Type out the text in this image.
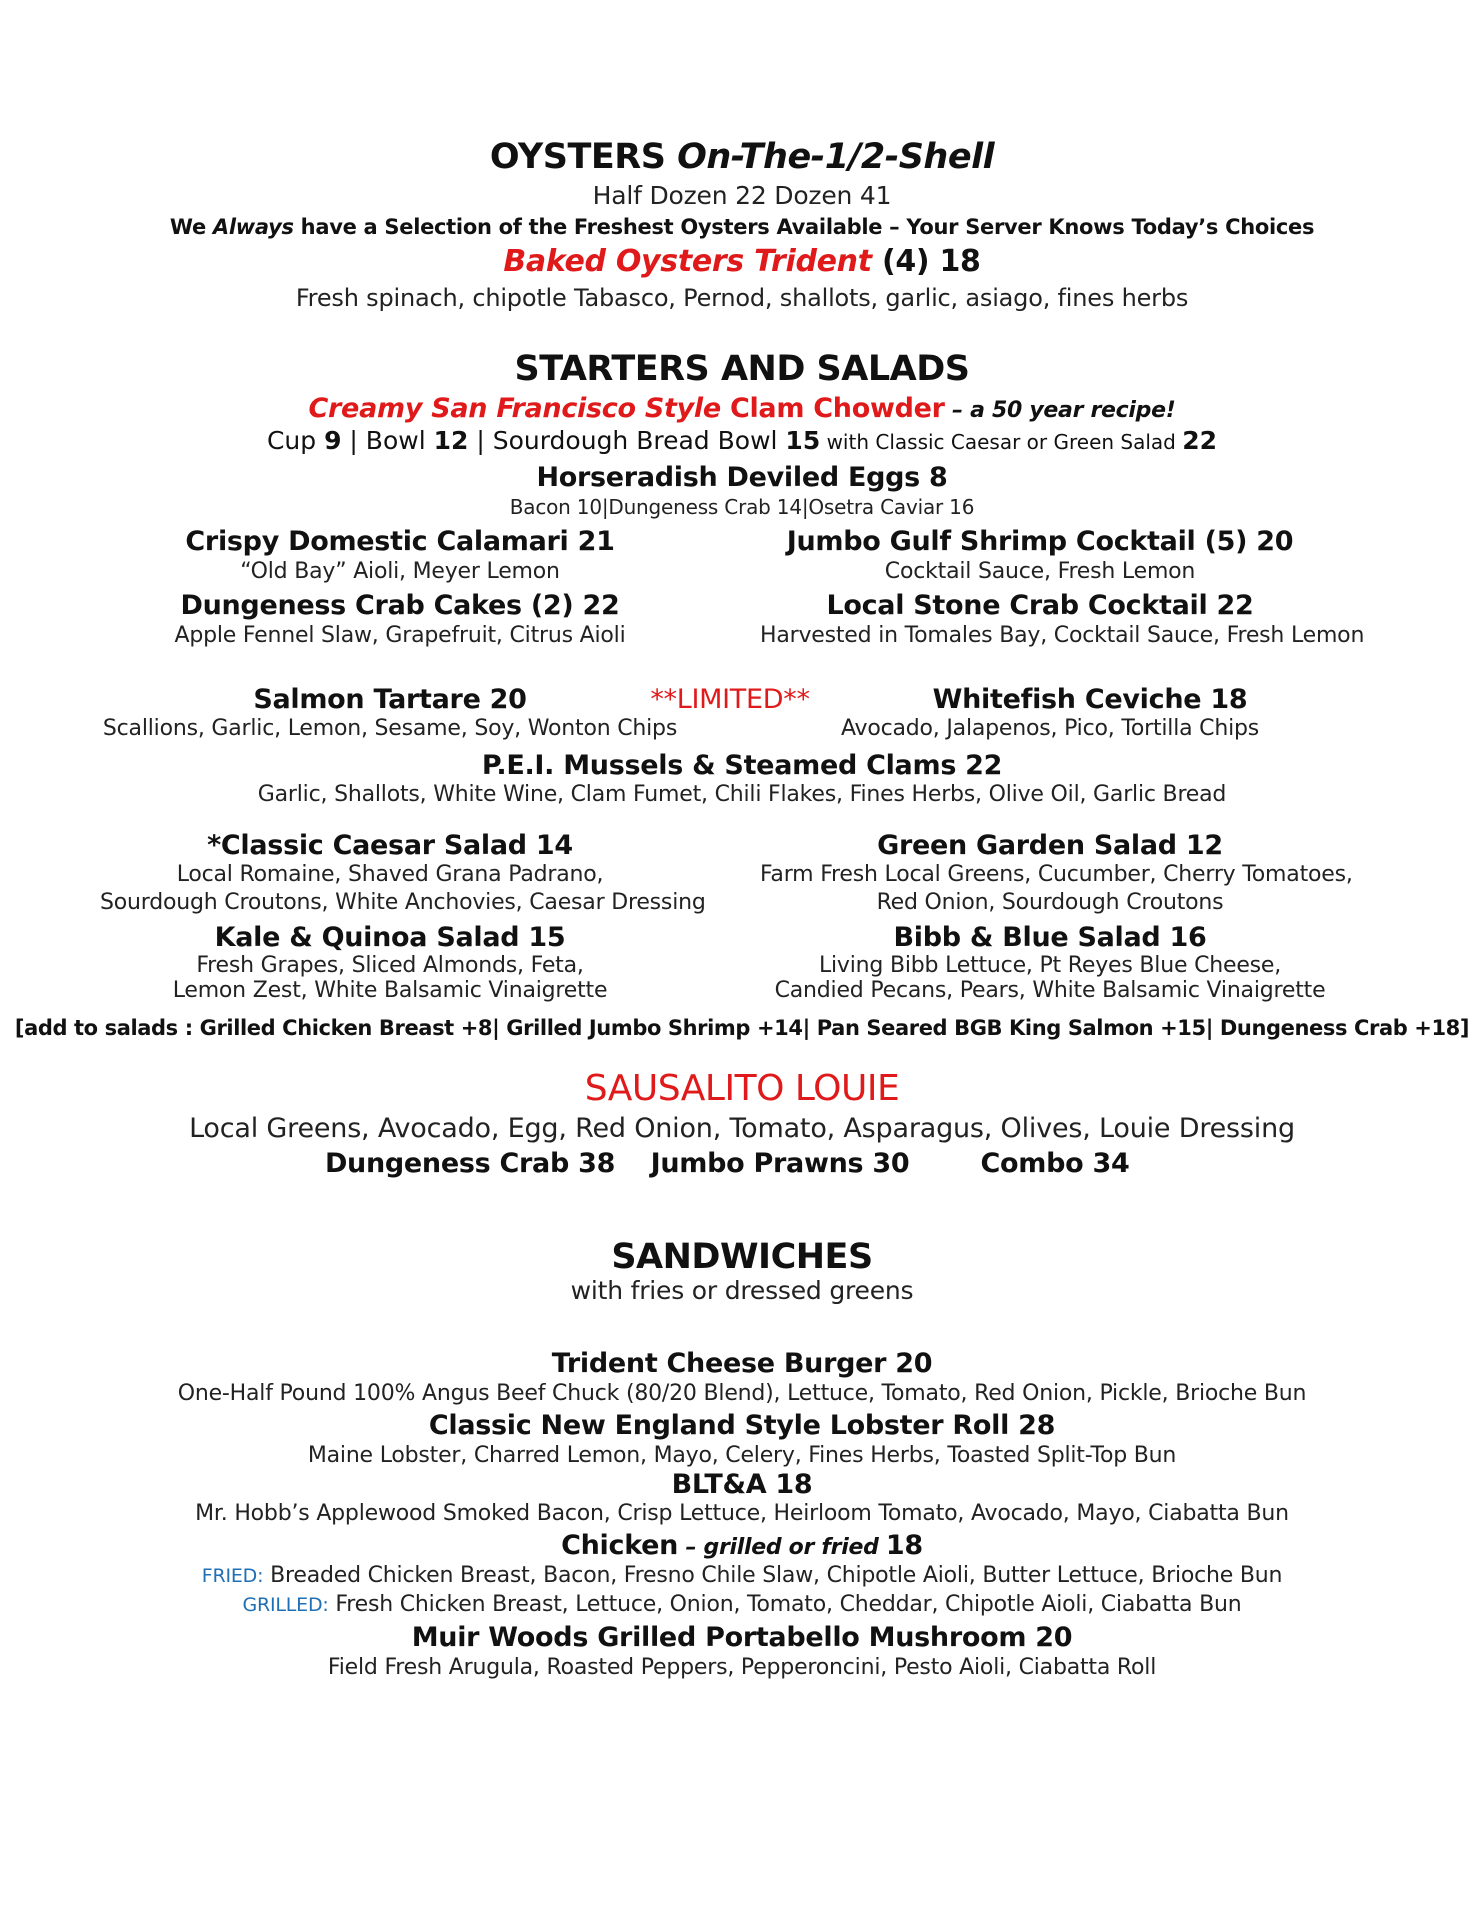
OYSTERS On-The-1/2-Shell
Half Dozen 22 Dozen 41
We Always have a Selection of the Freshest Oysters Available – Your Server Knows Today’s Choices
Baked Oysters Trident (4) 18
Fresh spinach, chipotle Tabasco, Pernod, shallots, garlic, asiago, fines herbs
STARTERS AND SALADS
Creamy San Francisco Style Clam Chowder – a 50 year recipe!
Cup 9 | Bowl 12 | Sourdough Bread Bowl 15 with Classic Caesar or Green Salad 22
Horseradish Deviled Eggs 8
Bacon 10|Dungeness Crab 14|Osetra Caviar 16
Crispy Domestic Calamari 21
“Old Bay” Aioli, Meyer Lemon
Jumbo Gulf Shrimp Cocktail (5) 20
Cocktail Sauce, Fresh Lemon
Dungeness Crab Cakes (2) 22
Apple Fennel Slaw, Grapefruit, Citrus Aioli
Local Stone Crab Cocktail 22
Harvested in Tomales Bay, Cocktail Sauce, Fresh Lemon
Salmon Tartare 20	**LIMITED**	Whitefish Ceviche 18
Scallions, Garlic, Lemon, Sesame, Soy, Wonton Chips	Avocado, Jalapenos, Pico, Tortilla Chips
P.E.I. Mussels & Steamed Clams 22
Garlic, Shallots, White Wine, Clam Fumet, Chili Flakes, Fines Herbs, Olive Oil, Garlic Bread
*Classic Caesar Salad 14
Local Romaine, Shaved Grana Padrano,
Sourdough Croutons, White Anchovies, Caesar Dressing
Green Garden Salad 12
Farm Fresh Local Greens, Cucumber, Cherry Tomatoes,
Red Onion, Sourdough Croutons
Kale & Quinoa Salad 15
Fresh Grapes, Sliced Almonds, Feta,
Lemon Zest, White Balsamic Vinaigrette
Bibb & Blue Salad 16
Living Bibb Lettuce, Pt Reyes Blue Cheese,
Candied Pecans, Pears, White Balsamic Vinaigrette
[add to salads : Grilled Chicken Breast +8| Grilled Jumbo Shrimp +14| Pan Seared BGB King Salmon +15| Dungeness Crab +18]
SAUSALITO LOUIE
Local Greens, Avocado, Egg, Red Onion, Tomato, Asparagus, Olives, Louie Dressing
Dungeness Crab 38	Jumbo Prawns 30	Combo 34
SANDWICHES
with fries or dressed greens
Trident Cheese Burger 20
One-Half Pound 100% Angus Beef Chuck (80/20 Blend), Lettuce, Tomato, Red Onion, Pickle, Brioche Bun
Classic New England Style Lobster Roll 28
Maine Lobster, Charred Lemon, Mayo, Celery, Fines Herbs, Toasted Split-Top Bun
BLT&A 18
Mr. Hobb’s Applewood Smoked Bacon, Crisp Lettuce, Heirloom Tomato, Avocado, Mayo, Ciabatta Bun
Chicken – grilled or fried 18
FRIED: Breaded Chicken Breast, Bacon, Fresno Chile Slaw, Chipotle Aioli, Butter Lettuce, Brioche Bun
GRILLED: Fresh Chicken Breast, Lettuce, Onion, Tomato, Cheddar, Chipotle Aioli, Ciabatta Bun
Muir Woods Grilled Portabello Mushroom 20
Field Fresh Arugula, Roasted Peppers, Pepperoncini, Pesto Aioli, Ciabatta Roll
